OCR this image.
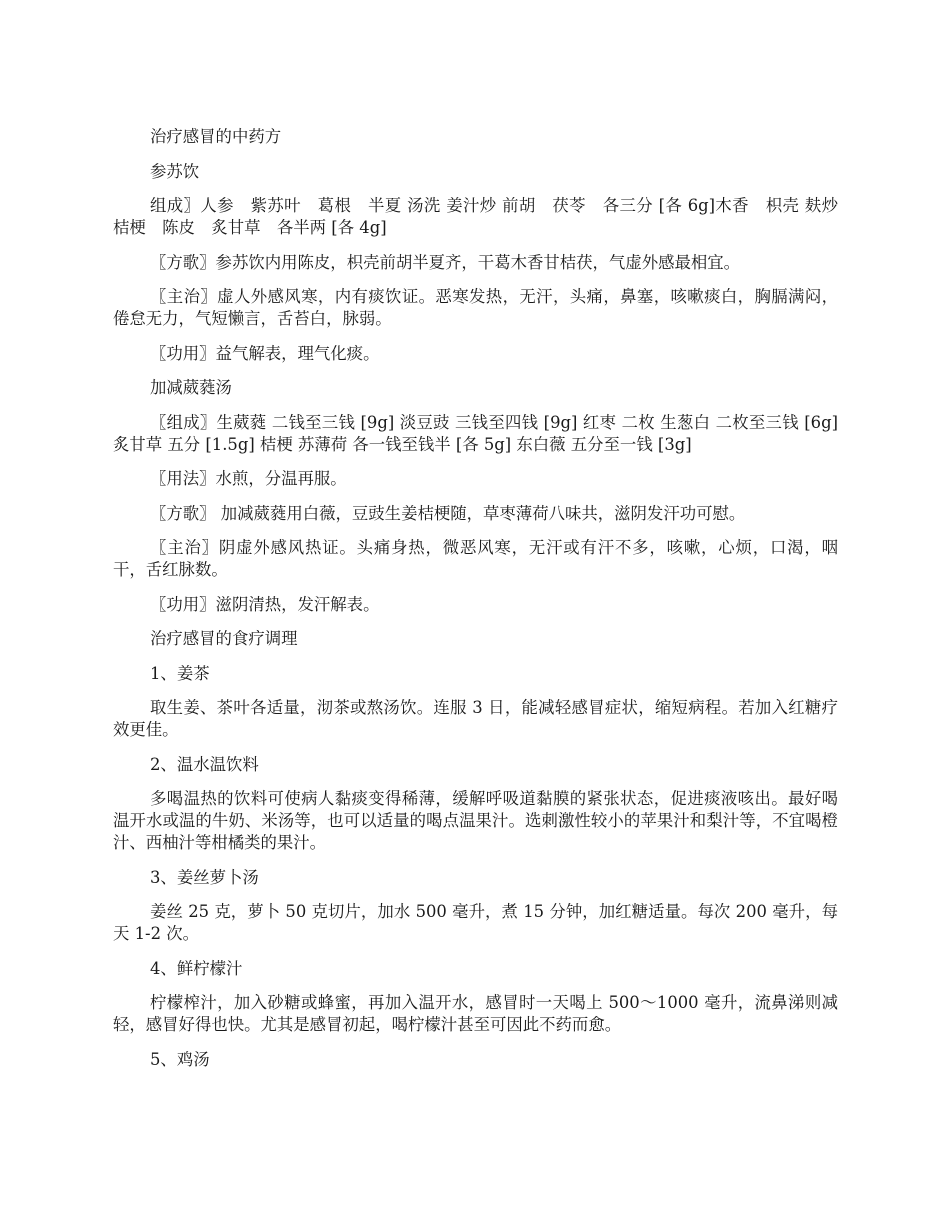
治疗感冒的中药方

参苏饮

组成〗人参　紫苏叶　葛根　半夏 汤洗 姜汁炒 前胡　茯苓　各三分 [各 6g]木香　枳壳 麸炒　桔梗　陈皮　炙甘草　各半两 [各 4g]

〖方歌〗参苏饮内用陈皮，枳壳前胡半夏齐，干葛木香甘桔茯，气虚外感最相宜。

〖主治〗虚人外感风寒，内有痰饮证。恶寒发热，无汗，头痛，鼻塞，咳嗽痰白，胸膈满闷，倦怠无力，气短懒言，舌苔白，脉弱。

〖功用〗益气解表，理气化痰。

加减葳蕤汤

〖组成〗生葳蕤 二钱至三钱 [9g] 淡豆豉 三钱至四钱 [9g] 红枣 二枚 生葱白 二枚至三钱 [6g] 炙甘草 五分 [1.5g] 桔梗 苏薄荷 各一钱至钱半 [各 5g] 东白薇 五分至一钱 [3g]

〖用法〗水煎，分温再服。

〖方歌〗 加减葳蕤用白薇，豆豉生姜桔梗随，草枣薄荷八味共，滋阴发汗功可慰。

〖主治〗阴虚外感风热证。头痛身热，微恶风寒，无汗或有汗不多，咳嗽，心烦，口渴，咽干，舌红脉数。

〖功用〗滋阴清热，发汗解表。

治疗感冒的食疗调理

1、姜茶

取生姜、茶叶各适量，沏茶或熬汤饮。连服 3 日，能减轻感冒症状，缩短病程。若加入红糖疗效更佳。

2、温水温饮料

多喝温热的饮料可使病人黏痰变得稀薄，缓解呼吸道黏膜的紧张状态，促进痰液咳出。最好喝温开水或温的牛奶、米汤等，也可以适量的喝点温果汁。选刺激性较小的苹果汁和梨汁等，不宜喝橙汁、西柚汁等柑橘类的果汁。

3、姜丝萝卜汤

姜丝 25 克，萝卜 50 克切片，加水 500 毫升，煮 15 分钟，加红糖适量。每次 200 毫升，每天 1-2 次。

4、鲜柠檬汁

柠檬榨汁，加入砂糖或蜂蜜，再加入温开水，感冒时一天喝上 500～1000 毫升，流鼻涕则减轻，感冒好得也快。尤其是感冒初起，喝柠檬汁甚至可因此不药而愈。

5、鸡汤
